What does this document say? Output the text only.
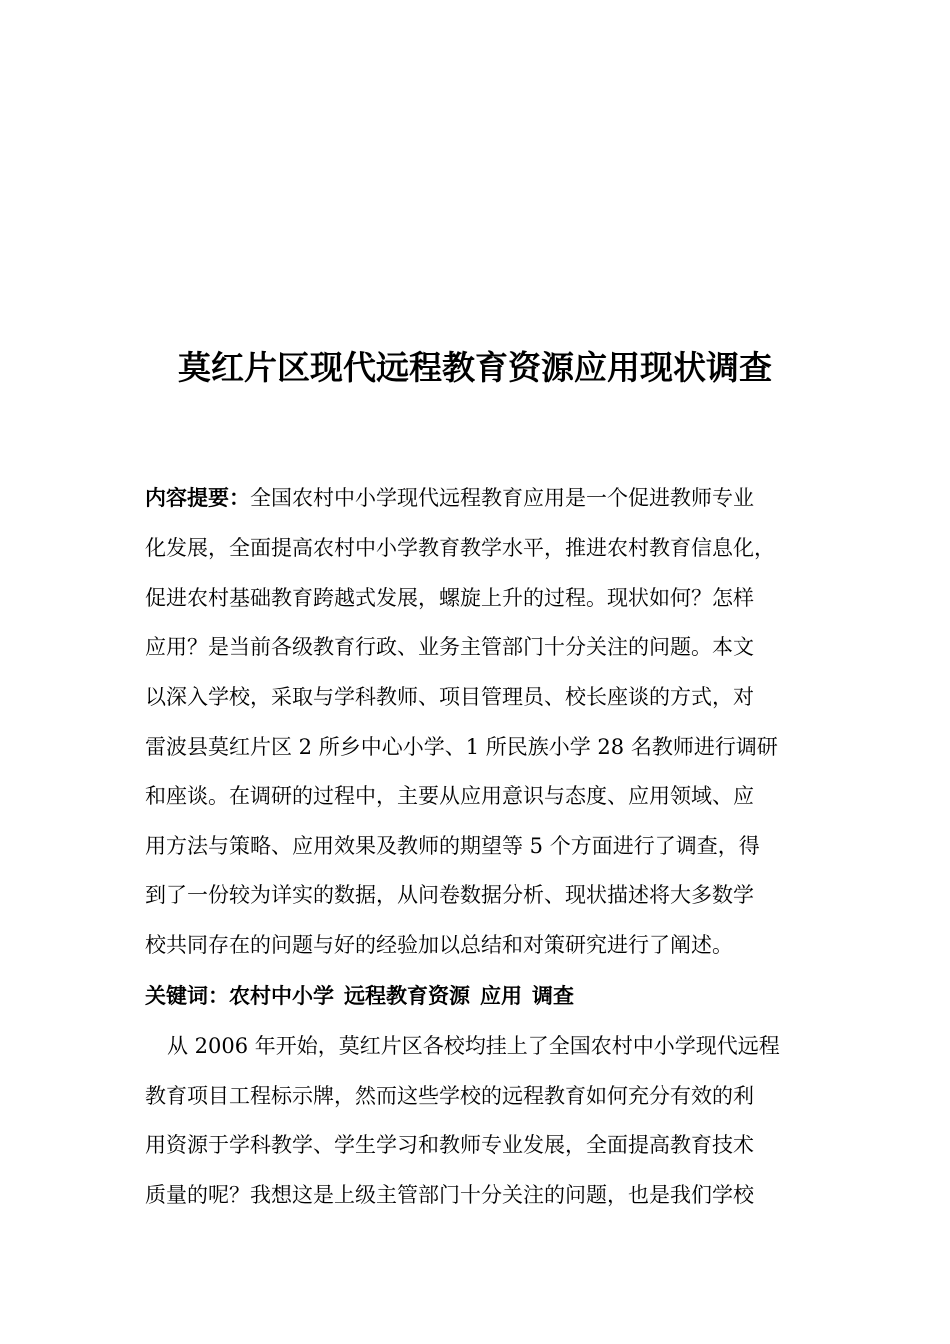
莫红片区现代远程教育资源应用现状调查
内容提要：全国农村中小学现代远程教育应用是一个促进教师专业
化发展，全面提高农村中小学教育教学水平，推进农村教育信息化，
促进农村基础教育跨越式发展，螺旋上升的过程。现状如何？怎样
应用？是当前各级教育行政、业务主管部门十分关注的问题。本文
以深入学校，采取与学科教师、项目管理员、校长座谈的方式，对
雷波县莫红片区 2 所乡中心小学、1 所民族小学 28 名教师进行调研
和座谈。在调研的过程中，主要从应用意识与态度、应用领域、应
用方法与策略、应用效果及教师的期望等 5 个方面进行了调查，得
到了一份较为详实的数据，从问卷数据分析、现状描述将大多数学
校共同存在的问题与好的经验加以总结和对策研究进行了阐述。
关键词：农村中小学 远程教育资源 应用 调查
从 2006 年开始，莫红片区各校均挂上了全国农村中小学现代远程
教育项目工程标示牌，然而这些学校的远程教育如何充分有效的利
用资源于学科教学、学生学习和教师专业发展，全面提高教育技术
质量的呢？我想这是上级主管部门十分关注的问题，也是我们学校
